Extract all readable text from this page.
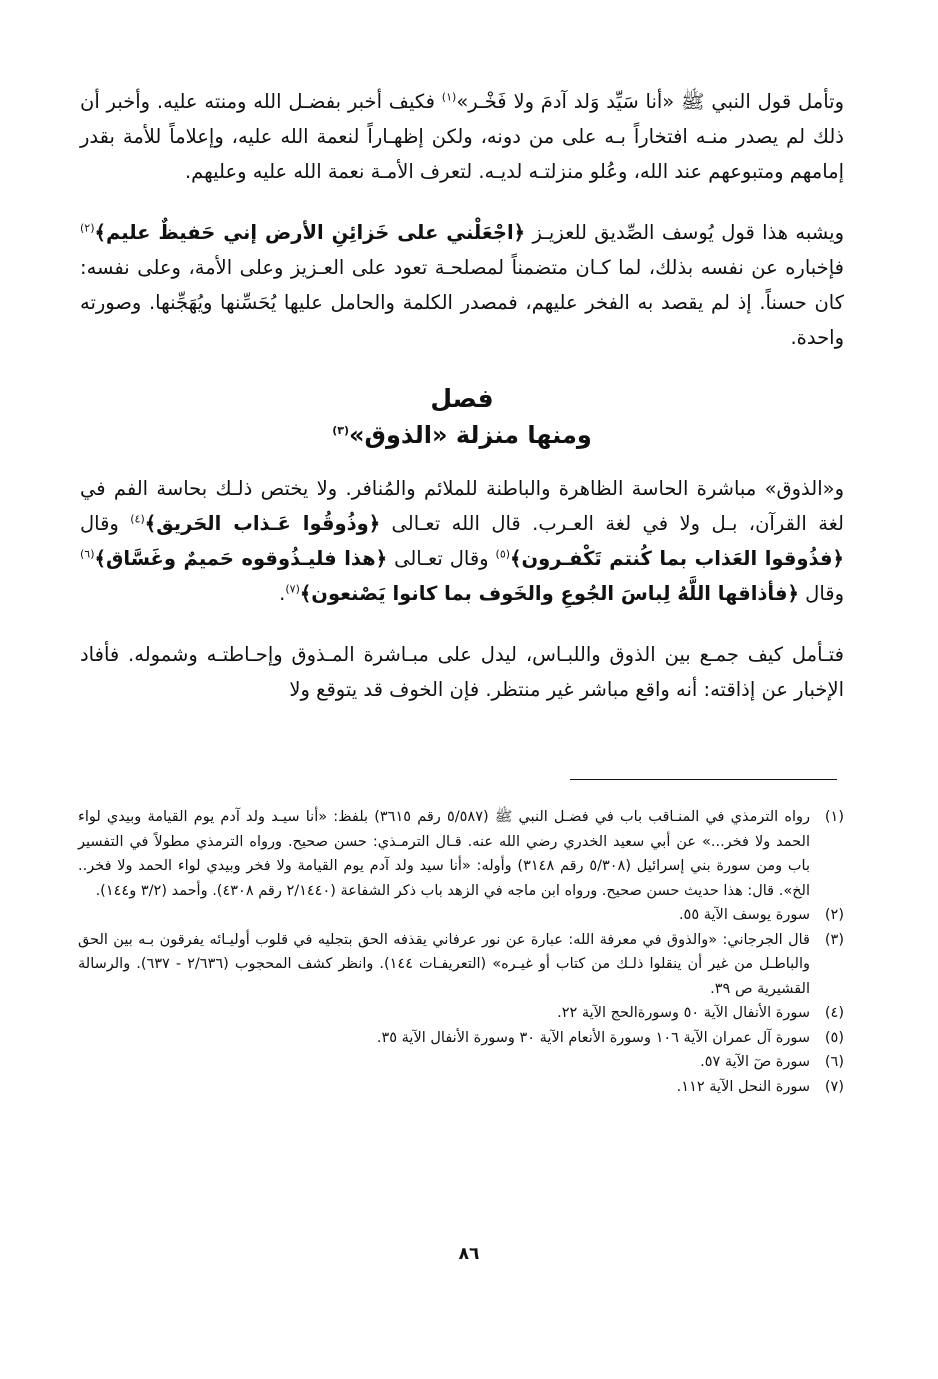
وتأمل قول النبي ﷺ «أنا سَيِّد وَلد آدمَ ولا فَخْـر»$^{(١)}$ فكيف أخبر بفضـل الله ومنته عليه. وأخبر أن ذلك لم يصدر منـه افتخاراً بـه على من دونه، ولكن إظهـاراً لنعمة الله عليه، وإعلاماً للأمة بقدر إمامهم ومتبوعهم عند الله، وعُلو منزلتـه لديـه. لتعرف الأمـة نعمة الله عليه وعليهم.

ويشبه هذا قول يُوسف الصِّديق للعزيـز ﴿اجْعَلْني على خَزائِنِ الأرض إني حَفيظٌ عليم﴾$^{(٢)}$ فإخباره عن نفسه بذلك، لما كـان متضمناً لمصلحـة تعود على العـزيز وعلى الأمة، وعلى نفسه: كان حسناً. إذ لم يقصد به الفخر عليهم، فمصدر الكلمة والحامل عليها يُحَسِّنها ويُهَجِّنها. وصورته واحدة.

فصل
ومنها منزلة «الذوق»$^{(٣)}$

و«الذوق» مباشرة الحاسة الظاهرة والباطنة للملائم والمُنافر. ولا يختص ذلـك بحاسة الفم في لغة القرآن، بـل ولا في لغة العـرب. قال الله تعـالى ﴿وذُوقُوا عَـذاب الحَريق﴾$^{(٤)}$ وقال ﴿فذُوقوا العَذاب بما كُنتم تَكْفـرون﴾$^{(٥)}$ وقال تعـالى ﴿هذا فليـذُوقوه حَميمٌ وغَسَّاق﴾$^{(٦)}$ وقال ﴿فأذاقها اللَّهُ لِباسَ الجُوعِ والخَوف بما كانوا يَصْنعون﴾$^{(٧)}$.

فتـأمل كيف جمـع بين الذوق واللبـاس، ليدل على مبـاشرة المـذوق وإحـاطتـه وشموله. فأفاد الإخبار عن إذاقته: أنه واقع مباشر غير منتظر. فإن الخوف قد يتوقع ولا

(١)
رواه الترمذي في المنـاقب باب في فضـل النبي ﷺ (٥/٥٨٧ رقم ٣٦١٥) بلفظ: «أنا سيـد ولد آدم يوم القيامة وبيدي لواء الحمد ولا فخر...» عن أبي سعيد الخدري رضي الله عنه. قـال الترمـذي: حسن صحيح. ورواه الترمذي مطولاً في التفسير باب ومن سورة بني إسرائيل (٥/٣٠٨ رقم ٣١٤٨) وأوله: «أنا سيد ولد آدم يوم القيامة ولا فخر وبيدي لواء الحمد ولا فخر.. الخ». قال: هذا حديث حسن صحيح. ورواه ابن ماجه في الزهد باب ذكر الشفاعة (٢/١٤٤٠ رقم ٤٣٠٨). وأحمد (٣/٢ و١٤٤).
(٢)
سورة يوسف الآية ٥٥.
(٣)
قال الجرجاني: «والذوق في معرفة الله: عبارة عن نور عرفاني يقذفه الحق بتجليه في قلوب أوليـائه يفرقون بـه بين الحق والباطـل من غير أن ينقلوا ذلـك من كتاب أو غيـره» (التعريفـات ١٤٤). وانظر كشف المحجوب (٢/٦٣٦ - ٦٣٧). والرسالة القشيرية ص ٣٩.
(٤)
سورة الأنفال الآية ٥٠ وسورةالحج الآية ٢٢.
(٥)
سورة آل عمران الآية ١٠٦ وسورة الأنعام الآية ٣٠ وسورة الأنفال الآية ٣٥.
(٦)
سورة صٓ الآية ٥٧.
(٧)
سورة النحل الآية ١١٢.
٨٦
